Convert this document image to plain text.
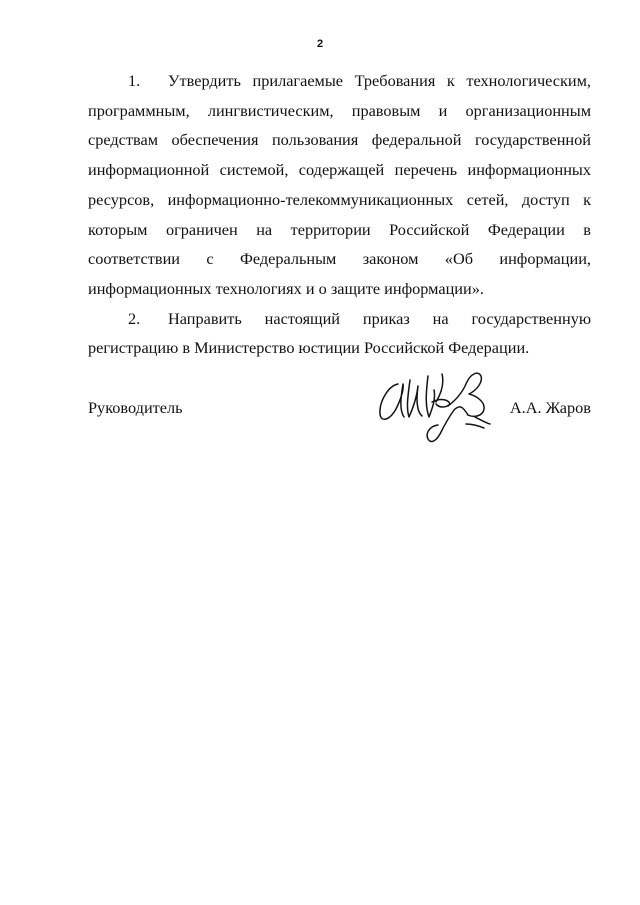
2

1. Утвердить прилагаемые Требования к технологическим, программным, лингвистическим, правовым и организационным средствам обеспечения пользования федеральной государственной информационной системой, содержащей перечень информационных ресурсов, информационно-телекоммуникационных сетей, доступ к которым ограничен на территории Российской Федерации в соответствии с Федеральным законом «Об информации, информационных технологиях и о защите информации».

2. Направить настоящий приказ на государственную регистрацию в Министерство юстиции Российской Федерации.

Руководитель	А.А. Жаров
